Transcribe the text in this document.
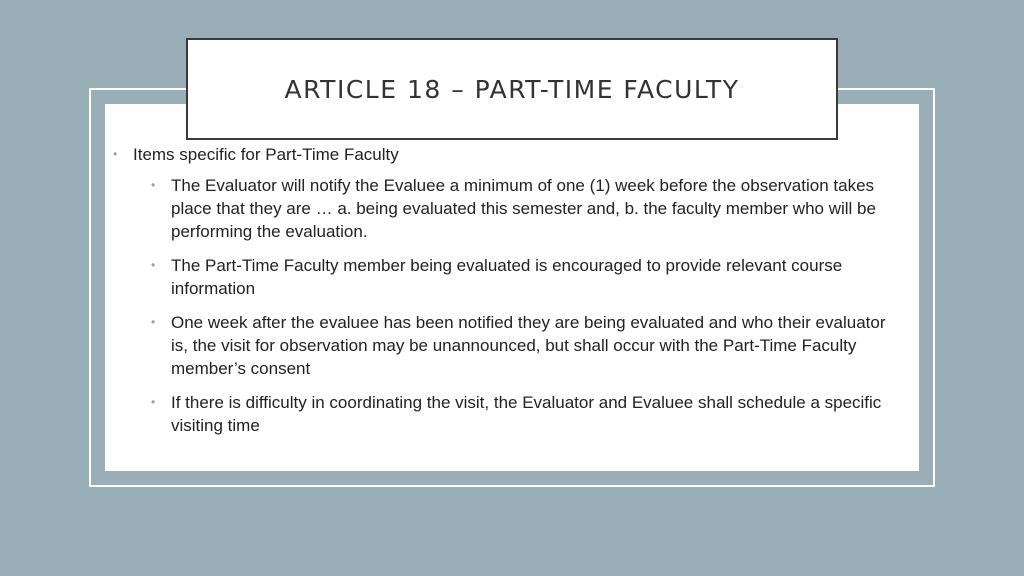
ARTICLE 18 – PART-TIME FACULTY
• Items specific for Part-Time Faculty
• The Evaluator will notify the Evaluee a minimum of one (1) week before the observation takes place that they are … a. being evaluated this semester and, b. the faculty member who will be performing the evaluation.
• The Part-Time Faculty member being evaluated is encouraged to provide relevant course information
• One week after the evaluee has been notified they are being evaluated and who their evaluator is, the visit for observation may be unannounced, but shall occur with the Part-Time Faculty member’s consent
• If there is difficulty in coordinating the visit, the Evaluator and Evaluee shall schedule a specific visiting time
